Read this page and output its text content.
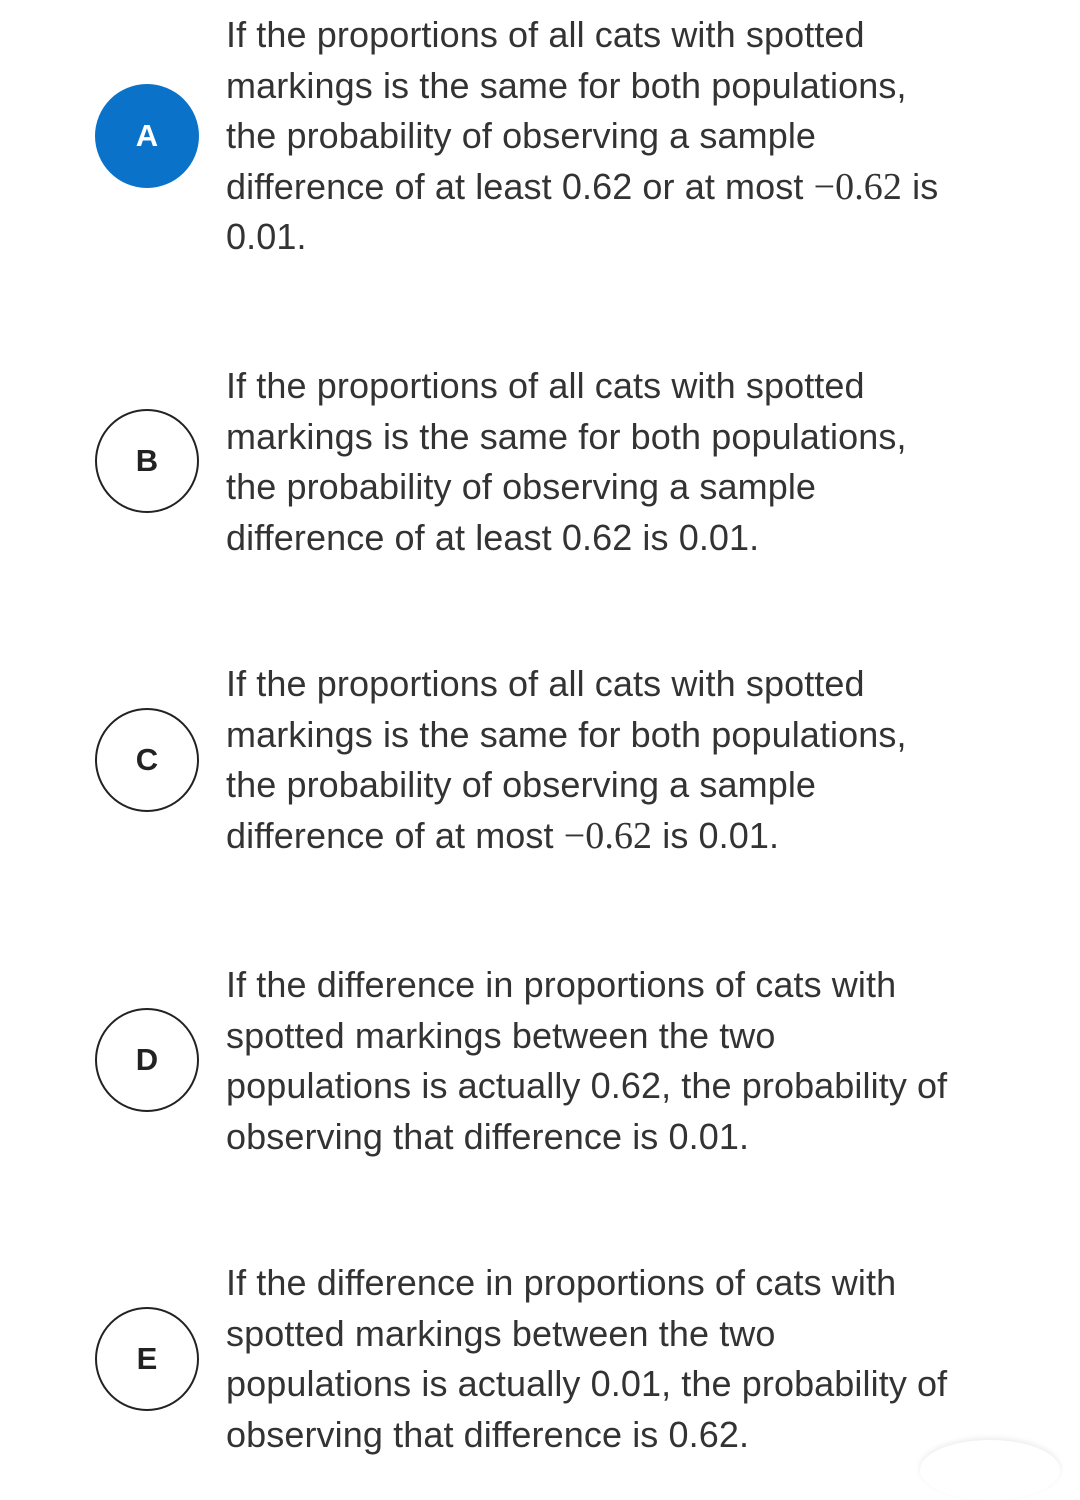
A
If the proportions of all cats with spotted markings is the same for both populations, the probability of observing a sample difference of at least 0.62 or at most −0.62 is 0.01.
B
If the proportions of all cats with spotted markings is the same for both populations, the probability of observing a sample difference of at least 0.62 is 0.01.
C
If the proportions of all cats with spotted markings is the same for both populations, the probability of observing a sample difference of at most −0.62 is 0.01.
D
If the difference in proportions of cats with spotted markings between the two populations is actually 0.62, the probability of observing that difference is 0.01.
E
If the difference in proportions of cats with spotted markings between the two populations is actually 0.01, the probability of observing that difference is 0.62.
